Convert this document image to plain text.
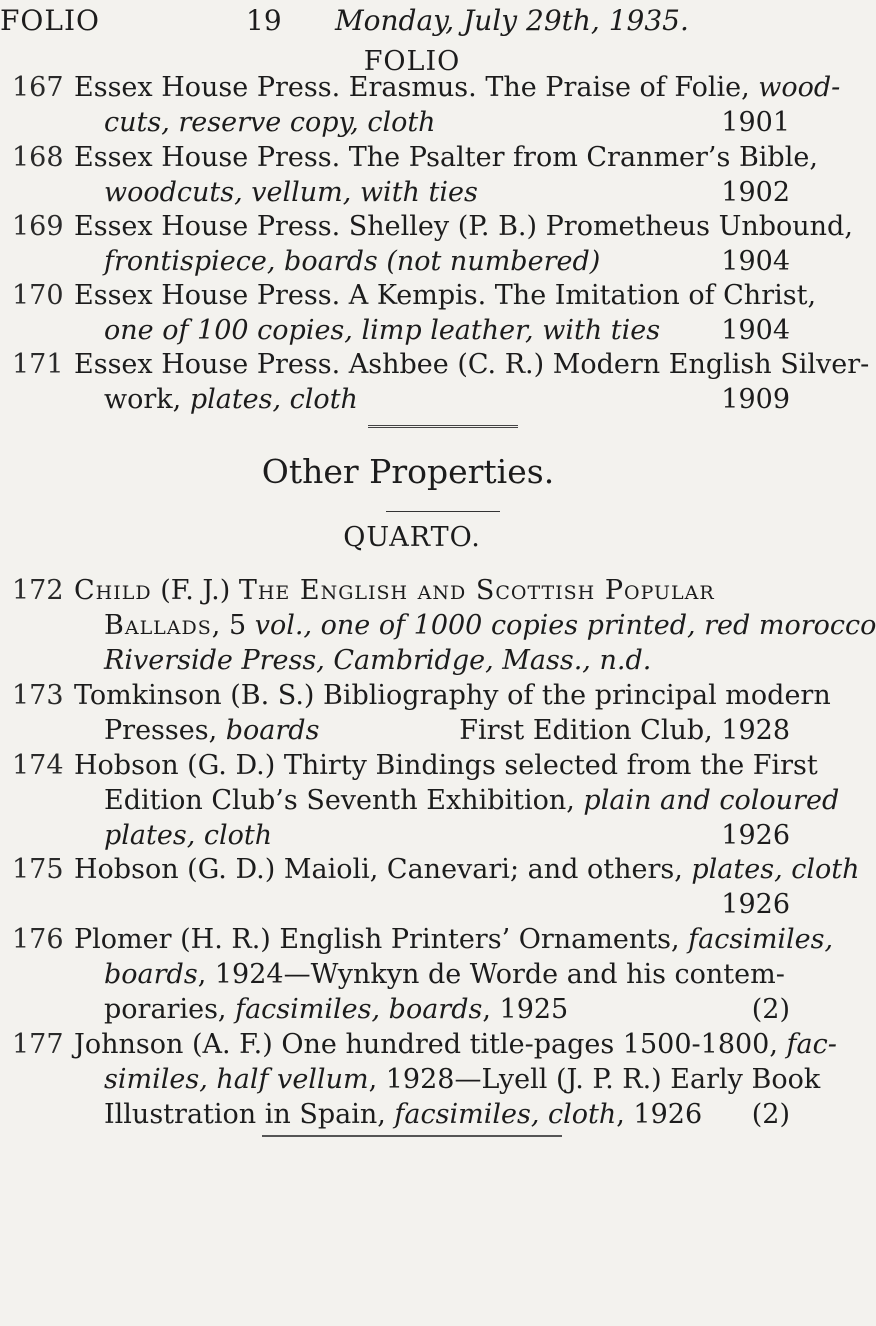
FOLIO	19 Monday, July 29th, 1935.
FOLIO
167 Essex House Press. Erasmus. The Praise of Folie, wood-
cuts, reserve copy, cloth	1901
168 Essex House Press. The Psalter from Cranmer’s Bible,
woodcuts, vellum, with ties	1902
169 Essex House Press. Shelley (P. B.) Prometheus Unbound,
frontispiece, boards (not numbered)	1904
170 Essex House Press. A Kempis. The Imitation of Christ,
one of 100 copies, limp leather, with ties 1904
171 Essex House Press. Ashbee (C. R.) Modern English Silver-
work, plates, cloth	1909
Other Properties.
QUARTO.
172 Child (F. J.) The English and Scottish Popular
Ballads, 5 vol., one of 1000 copies printed, red morocco
Riverside Press, Cambridge, Mass., n.d.
173 Tomkinson (B. S.) Bibliography of the principal modern
Presses, boards	First Edition Club, 1928
174 Hobson (G. D.) Thirty Bindings selected from the First
Edition Club’s Seventh Exhibition, plain and coloured
plates, cloth	1926
175 Hobson (G. D.) Maioli, Canevari; and others, plates, cloth
1926
176 Plomer (H. R.) English Printers’ Ornaments, facsimiles,
boards, 1924—Wynkyn de Worde and his contem-
poraries, facsimiles, boards, 1925	(2)
177 Johnson (A. F.) One hundred title-pages 1500-1800, fac-
similes, half vellum, 1928—Lyell (J. P. R.) Early Book
Illustration in Spain, facsimiles, cloth, 1926 (2)
